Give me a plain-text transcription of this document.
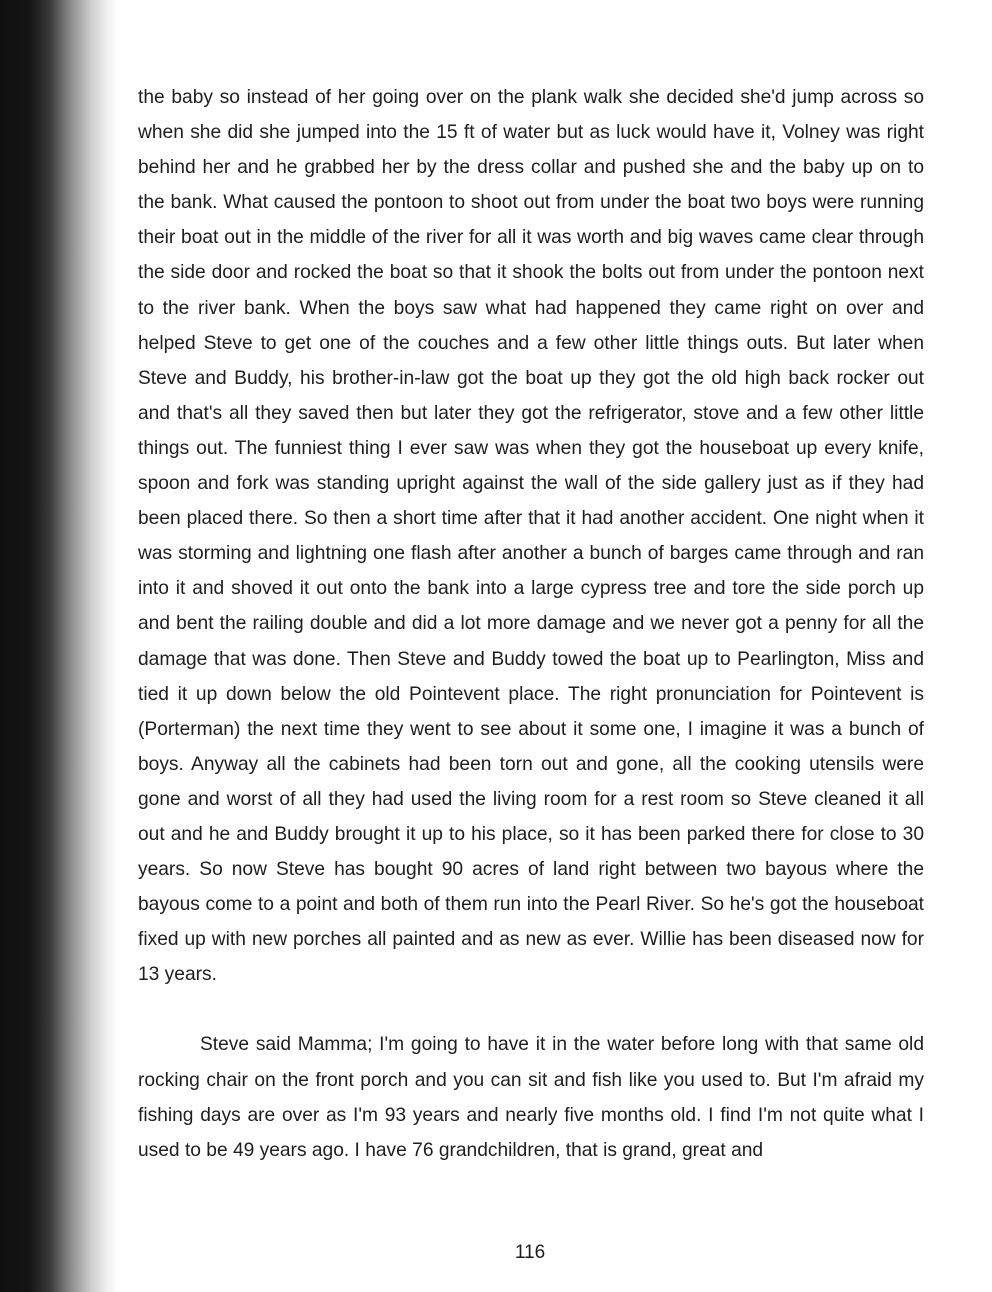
the baby so instead of her going over on the plank walk she decided she'd jump across so when she did she jumped into the 15 ft of water but as luck would have it, Volney was right behind her and he grabbed her by the dress collar and pushed she and the baby up on to the bank. What caused the pontoon to shoot out from under the boat two boys were running their boat out in the middle of the river for all it was worth and big waves came clear through the side door and rocked the boat so that it shook the bolts out from under the pontoon next to the river bank. When the boys saw what had happened they came right on over and helped Steve to get one of the couches and a few other little things outs. But later when Steve and Buddy, his brother-in-law got the boat up they got the old high back rocker out and that's all they saved then but later they got the refrigerator, stove and a few other little things out. The funniest thing I ever saw was when they got the houseboat up every knife, spoon and fork was standing upright against the wall of the side gallery just as if they had been placed there. So then a short time after that it had another accident. One night when it was storming and lightning one flash after another a bunch of barges came through and ran into it and shoved it out onto the bank into a large cypress tree and tore the side porch up and bent the railing double and did a lot more damage and we never got a penny for all the damage that was done. Then Steve and Buddy towed the boat up to Pearlington, Miss and tied it up down below the old Pointevent place. The right pronunciation for Pointevent is (Porterman) the next time they went to see about it some one, I imagine it was a bunch of boys. Anyway all the cabinets had been torn out and gone, all the cooking utensils were gone and worst of all they had used the living room for a rest room so Steve cleaned it all out and he and Buddy brought it up to his place, so it has been parked there for close to 30 years. So now Steve has bought 90 acres of land right between two bayous where the bayous come to a point and both of them run into the Pearl River. So he's got the houseboat fixed up with new porches all painted and as new as ever. Willie has been diseased now for 13 years.

Steve said Mamma; I'm going to have it in the water before long with that same old rocking chair on the front porch and you can sit and fish like you used to. But I'm afraid my fishing days are over as I'm 93 years and nearly five months old. I find I'm not quite what I used to be 49 years ago. I have 76 grandchildren, that is grand, great and

116
